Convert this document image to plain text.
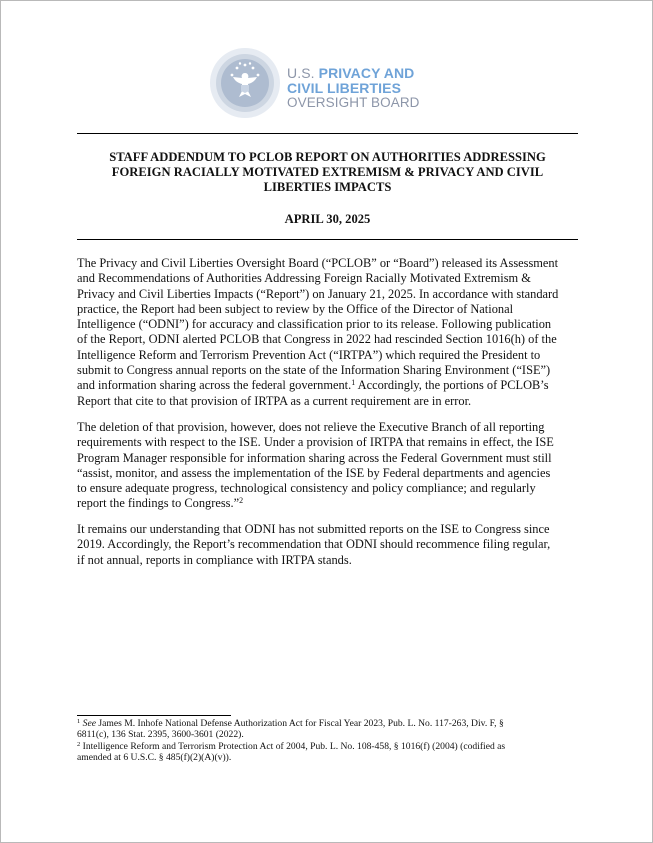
U.S. PRIVACY AND
CIVIL LIBERTIES
OVERSIGHT BOARD
STAFF ADDENDUM TO PCLOB REPORT ON AUTHORITIES ADDRESSING
FOREIGN RACIALLY MOTIVATED EXTREMISM & PRIVACY AND CIVIL
LIBERTIES IMPACTS
APRIL 30, 2025
The Privacy and Civil Liberties Oversight Board (“PCLOB” or “Board”) released its Assessment
and Recommendations of Authorities Addressing Foreign Racially Motivated Extremism &
Privacy and Civil Liberties Impacts (“Report”) on January 21, 2025. In accordance with standard
practice, the Report had been subject to review by the Office of the Director of National
Intelligence (“ODNI”) for accuracy and classification prior to its release. Following publication
of the Report, ODNI alerted PCLOB that Congress in 2022 had rescinded Section 1016(h) of the
Intelligence Reform and Terrorism Prevention Act (“IRTPA”) which required the President to
submit to Congress annual reports on the state of the Information Sharing Environment (“ISE”)
and information sharing across the federal government.$^1$ Accordingly, the portions of PCLOB’s
Report that cite to that provision of IRTPA as a current requirement are in error.
The deletion of that provision, however, does not relieve the Executive Branch of all reporting
requirements with respect to the ISE. Under a provision of IRTPA that remains in effect, the ISE
Program Manager responsible for information sharing across the Federal Government must still
“assist, monitor, and assess the implementation of the ISE by Federal departments and agencies
to ensure adequate progress, technological consistency and policy compliance; and regularly
report the findings to Congress.”$^2$
It remains our understanding that ODNI has not submitted reports on the ISE to Congress since
2019. Accordingly, the Report’s recommendation that ODNI should recommence filing regular,
if not annual, reports in compliance with IRTPA stands.
$^1$ See James M. Inhofe National Defense Authorization Act for Fiscal Year 2023, Pub. L. No. 117-263, Div. F, §
6811(c), 136 Stat. 2395, 3600-3601 (2022).
$^2$ Intelligence Reform and Terrorism Protection Act of 2004, Pub. L. No. 108-458, § 1016(f) (2004) (codified as
amended at 6 U.S.C. § 485(f)(2)(A)(v)).
